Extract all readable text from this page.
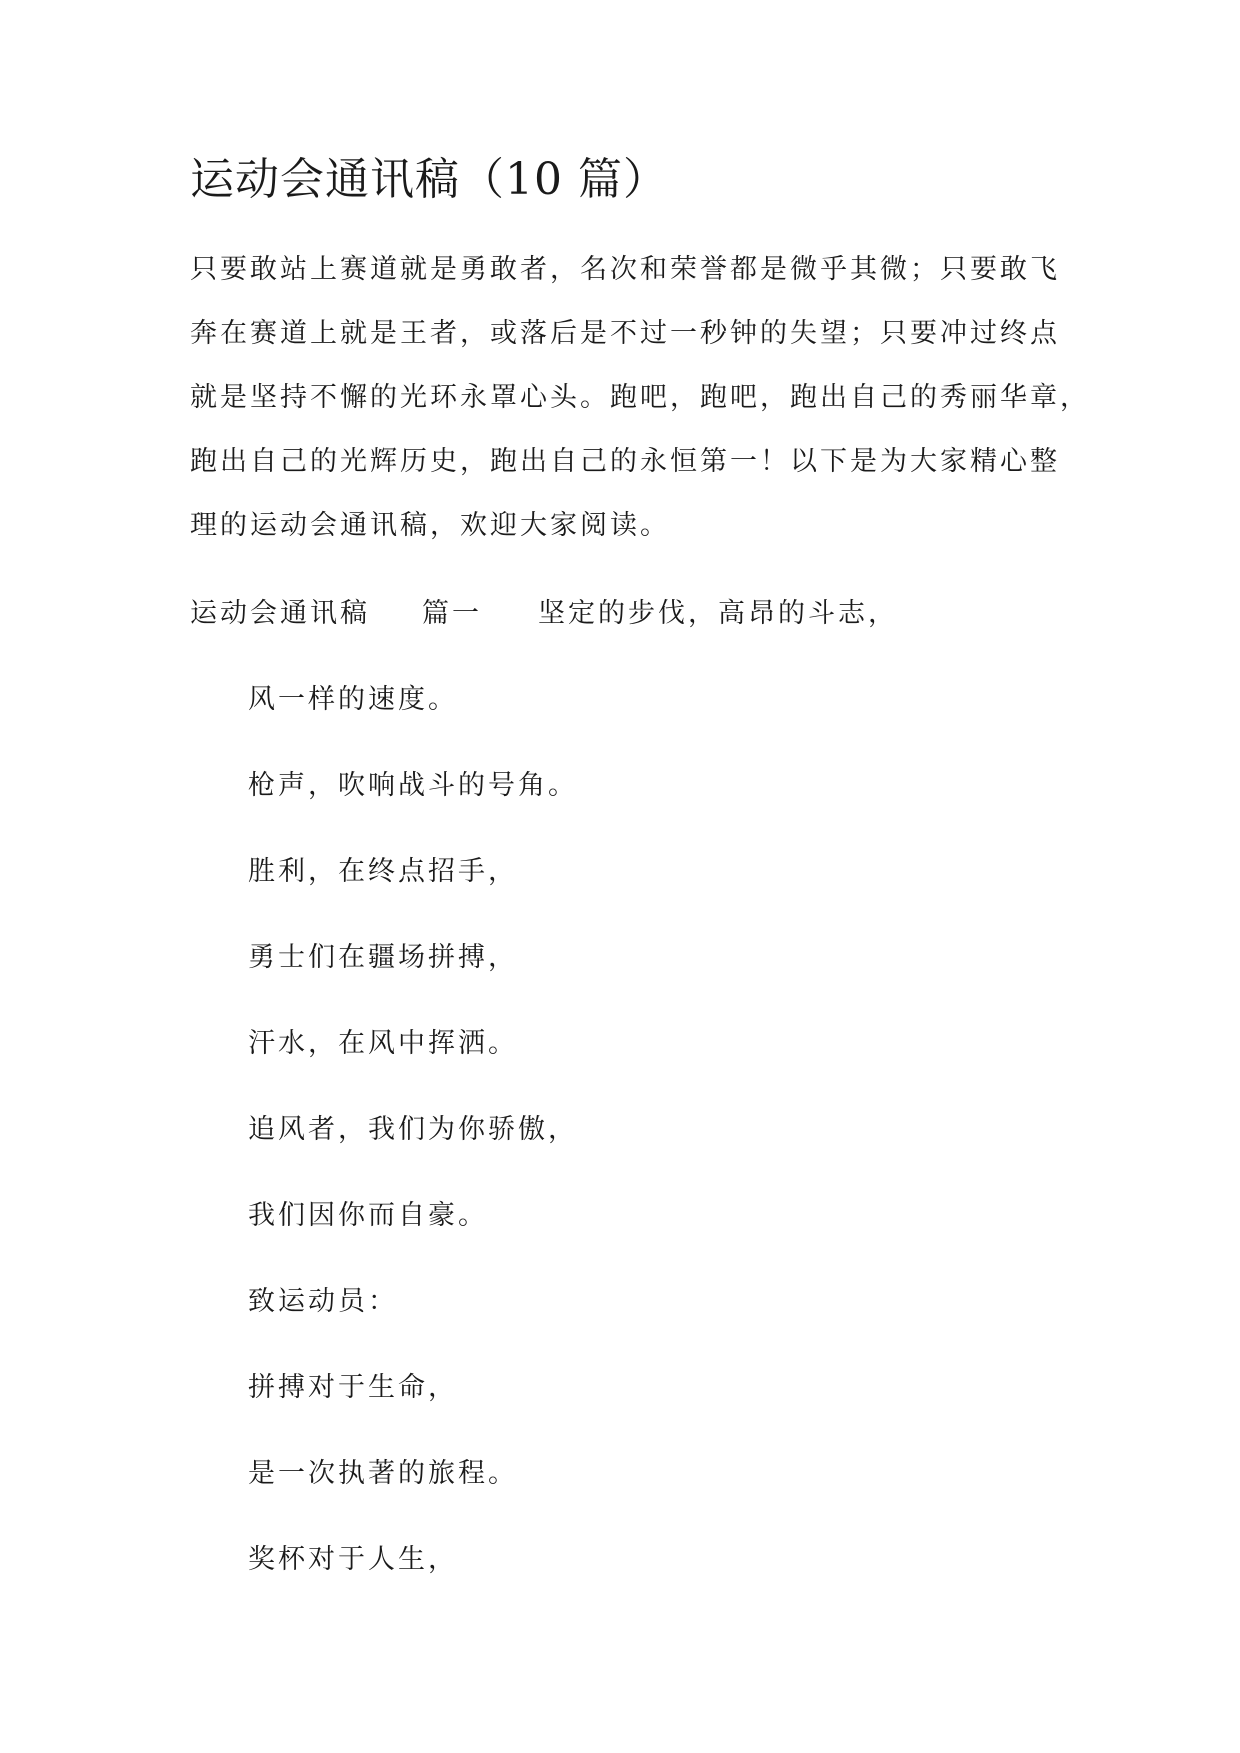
运动会通讯稿（10 篇）
只要敢站上赛道就是勇敢者，名次和荣誉都是微乎其微；只要敢飞
奔在赛道上就是王者，或落后是不过一秒钟的失望；只要冲过终点
就是坚持不懈的光环永罩心头。跑吧，跑吧，跑出自己的秀丽华章，
跑出自己的光辉历史，跑出自己的永恒第一！以下是为大家精心整
理的运动会通讯稿，欢迎大家阅读。
运动会通讯稿 篇一 坚定的步伐，高昂的斗志，
风一样的速度。
枪声，吹响战斗的号角。
胜利，在终点招手，
勇士们在疆场拼搏，
汗水，在风中挥洒。
追风者，我们为你骄傲，
我们因你而自豪。
致运动员：
拼搏对于生命，
是一次执著的旅程。
奖杯对于人生，
